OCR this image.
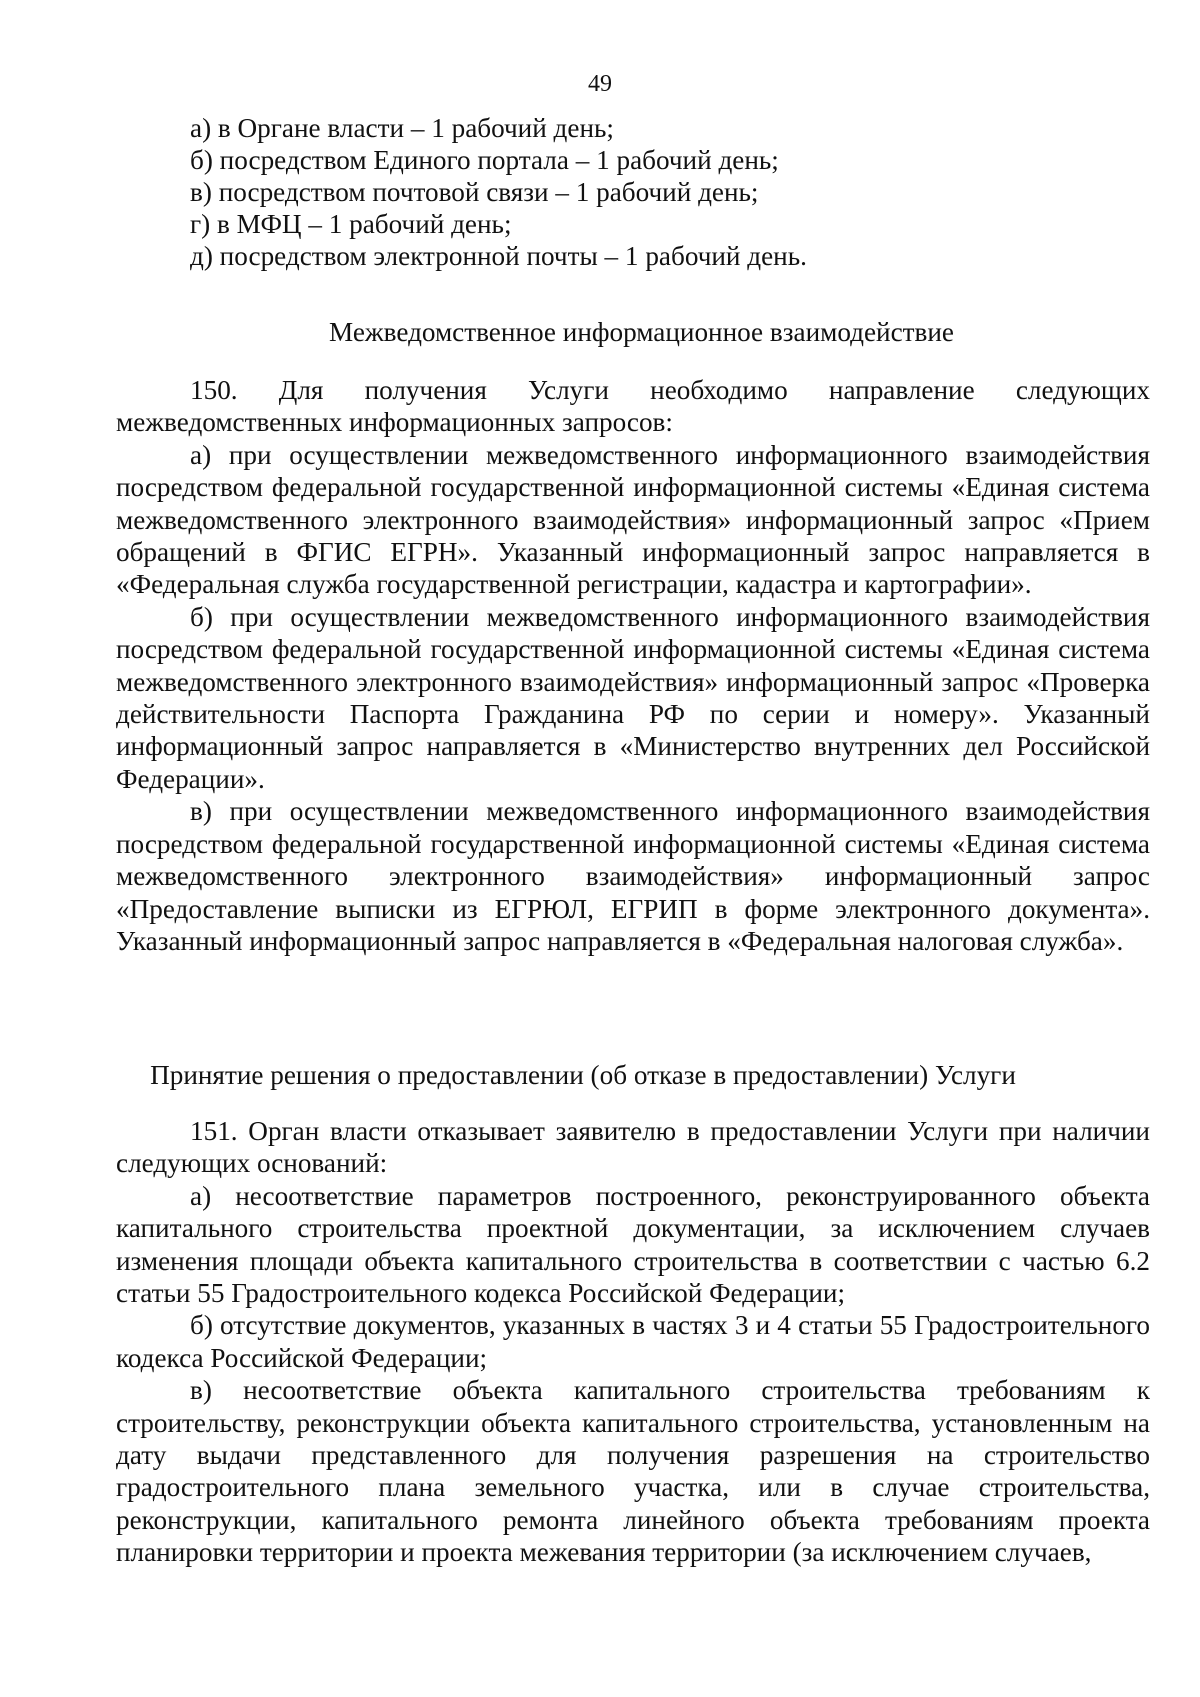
49
а) в Органе власти – 1 рабочий день;
б) посредством Единого портала – 1 рабочий день;
в) посредством почтовой связи – 1 рабочий день;
г) в МФЦ – 1 рабочий день;
д) посредством электронной почты – 1 рабочий день.
Межведомственное информационное взаимодействие

150. Для получения Услуги необходимо направление следующих межведомственных информационных запросов:

а) при осуществлении межведомственного информационного взаимодействия посредством федеральной государственной информационной системы «Единая система межведомственного электронного взаимодействия» информационный запрос «Прием обращений в ФГИС ЕГРН». Указанный информационный запрос направляется в «Федеральная служба государственной регистрации, кадастра и картографии».

б) при осуществлении межведомственного информационного взаимодействия посредством федеральной государственной информационной системы «Единая система межведомственного электронного взаимодействия» информационный запрос «Проверка действительности Паспорта Гражданина РФ по серии и номеру». Указанный информационный запрос направляется в «Министерство внутренних дел Российской Федерации».

в) при осуществлении межведомственного информационного взаимодействия посредством федеральной государственной информационной системы «Единая система межведомственного электронного взаимодействия» информационный запрос «Предоставление выписки из ЕГРЮЛ, ЕГРИП в форме электронного документа». Указанный информационный запрос направляется в «Федеральная налоговая служба».

Принятие решения о предоставлении (об отказе в предоставлении) Услуги

151. Орган власти отказывает заявителю в предоставлении Услуги при наличии следующих оснований:

а) несоответствие параметров построенного, реконструированного объекта капитального строительства проектной документации, за исключением случаев изменения площади объекта капитального строительства в соответствии с частью 6.2 статьи 55 Градостроительного кодекса Российской Федерации;

б) отсутствие документов, указанных в частях 3 и 4 статьи 55 Градостроительного кодекса Российской Федерации;

в) несоответствие объекта капитального строительства требованиям к строительству, реконструкции объекта капитального строительства, установленным на дату выдачи представленного для получения разрешения на строительство градостроительного плана земельного участка, или в случае строительства, реконструкции, капитального ремонта линейного объекта требованиям проекта планировки территории и проекта межевания территории (за исключением случаев,
